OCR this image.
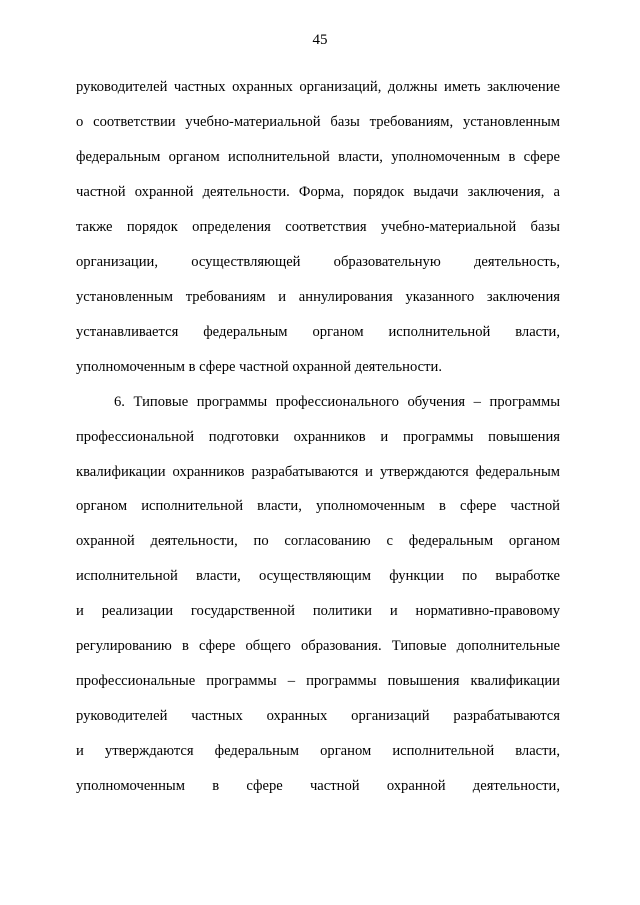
45
руководителей частных охранных организаций, должны иметь заключение
о соответствии учебно-материальной базы требованиям, установленным
федеральным органом исполнительной власти, уполномоченным в сфере
частной охранной деятельности. Форма, порядок выдачи заключения, а
также порядок определения соответствия учебно-материальной базы
организации, осуществляющей образовательную деятельность,
установленным требованиям и аннулирования указанного заключения
устанавливается федеральным органом исполнительной власти,
уполномоченным в сфере частной охранной деятельности.
6. Типовые программы профессионального обучения – программы
профессиональной подготовки охранников и программы повышения
квалификации охранников разрабатываются и утверждаются федеральным
органом исполнительной власти, уполномоченным в сфере частной
охранной деятельности, по согласованию с федеральным органом
исполнительной власти, осуществляющим функции по выработке
и реализации государственной политики и нормативно-правовому
регулированию в сфере общего образования. Типовые дополнительные
профессиональные программы – программы повышения квалификации
руководителей частных охранных организаций разрабатываются
и утверждаются федеральным органом исполнительной власти,
уполномоченным в сфере частной охранной деятельности,
